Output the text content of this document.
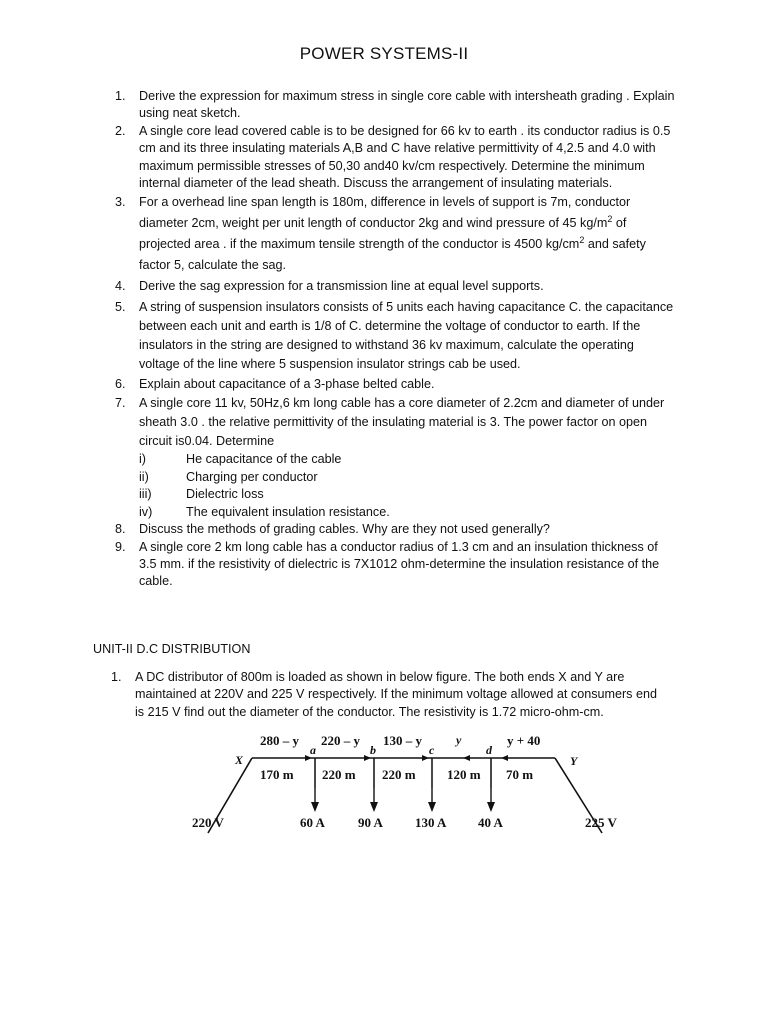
POWER SYSTEMS-II
1. Derive the expression for maximum stress in single core cable with intersheath grading . Explain using neat sketch.
2. A single core lead covered cable is to be designed for 66 kv to earth . its conductor radius is 0.5 cm and its three insulating materials A,B and C have relative permittivity of 4,2.5 and 4.0 with maximum permissible stresses of 50,30 and40 kv/cm respectively. Determine the minimum internal diameter of the lead sheath. Discuss the arrangement of insulating materials.
3. For a overhead line span length is 180m, difference in levels of support is 7m, conductor diameter 2cm, weight per unit length of conductor 2kg and wind pressure of 45 $kg/m^2$ of projected area . if the maximum tensile strength of the conductor is 4500 $kg/cm^2$ and safety factor 5, calculate the sag.
4. Derive the sag expression for a transmission line at equal level supports.
5. A string of suspension insulators consists of 5 units each having capacitance C. the capacitance between each unit and earth is 1/8 of C. determine the voltage of conductor to earth. If the insulators in the string are designed to withstand 36 kv maximum, calculate the operating voltage of the line where 5 suspension insulator strings cab be used.
6. Explain about capacitance of a 3-phase belted cable.
7. A single core 11 kv, 50Hz,6 km long cable has a core diameter of 2.2cm and diameter of under sheath 3.0 . the relative permittivity of the insulating material is 3. The power factor on open circuit is0.04. Determine
i)	He capacitance of the cable
ii)	Charging per conductor
iii)	Dielectric loss
iv)	The equivalent insulation resistance.
8. Discuss the methods of grading cables. Why are they not used generally?
9. A single core 2 km long cable has a conductor radius of 1.3 cm and an insulation thickness of 3.5 mm. if the resistivity of dielectric is 7X1012 ohm-determine the insulation resistance of the cable.
UNIT-II D.C DISTRIBUTION
1. A DC distributor of 800m is loaded as shown in below figure. The both ends X and Y are maintained at 220V and 225 V respectively. If the minimum voltage allowed at consumers end is 215 V find out the diameter of the conductor. The resistivity is 1.72 micro-ohm-cm.
X	Y
a	b	c
y
d
280 – y 220 – y 130 – y	y + 40
170 m 220 m 220 m 120 m 70 m
60 A	90 A 130 A 40 A
220 V	225 V
